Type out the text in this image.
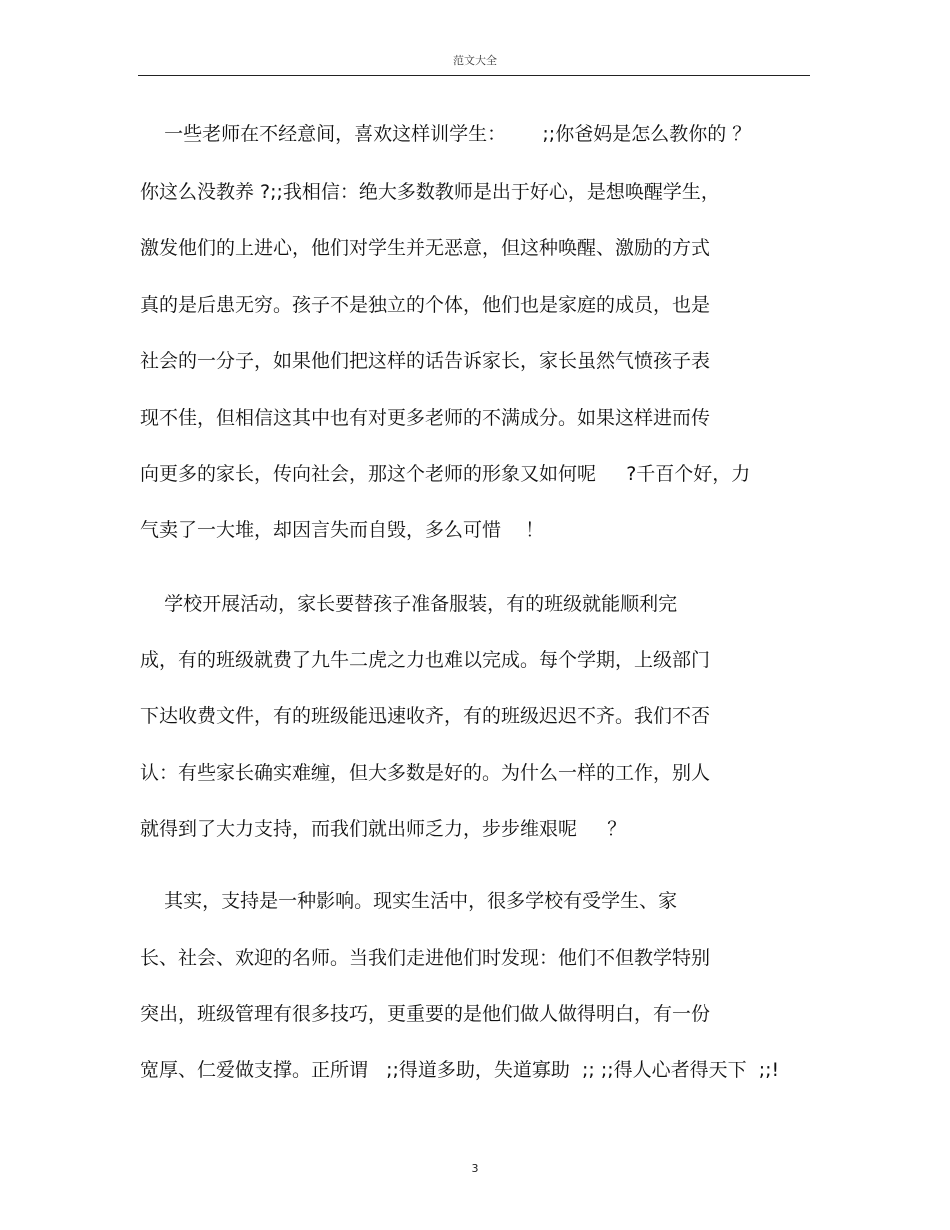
范文大全
一些老师在不经意间，喜欢这样训学生：      ;;你爸妈是怎么教你的 ？
你这么没教养 ?;;我相信：绝大多数教师是出于好心，是想唤醒学生，
激发他们的上进心，他们对学生并无恶意，但这种唤醒、激励的方式
真的是后患无穷。孩子不是独立的个体，他们也是家庭的成员，也是
社会的一分子，如果他们把这样的话告诉家长，家长虽然气愤孩子表
现不佳，但相信这其中也有对更多老师的不满成分。如果这样进而传
向更多的家长，传向社会，那这个老师的形象又如何呢     ?千百个好，力
气卖了一大堆，却因言失而自毁，多么可惜    ！
学校开展活动，家长要替孩子准备服装，有的班级就能顺利完
成，有的班级就费了九牛二虎之力也难以完成。每个学期，上级部门
下达收费文件，有的班级能迅速收齐，有的班级迟迟不齐。我们不否
认：有些家长确实难缠，但大多数是好的。为什么一样的工作，别人
就得到了大力支持，而我们就出师乏力，步步维艰呢     ？
其实，支持是一种影响。现实生活中，很多学校有受学生、家
长、社会、欢迎的名师。当我们走进他们时发现：他们不但教学特别
突出，班级管理有很多技巧，更重要的是他们做人做得明白，有一份
宽厚、仁爱做支撑。正所谓   ;;得道多助，失道寡助  ;; ;;得人心者得天下  ;;!
3
